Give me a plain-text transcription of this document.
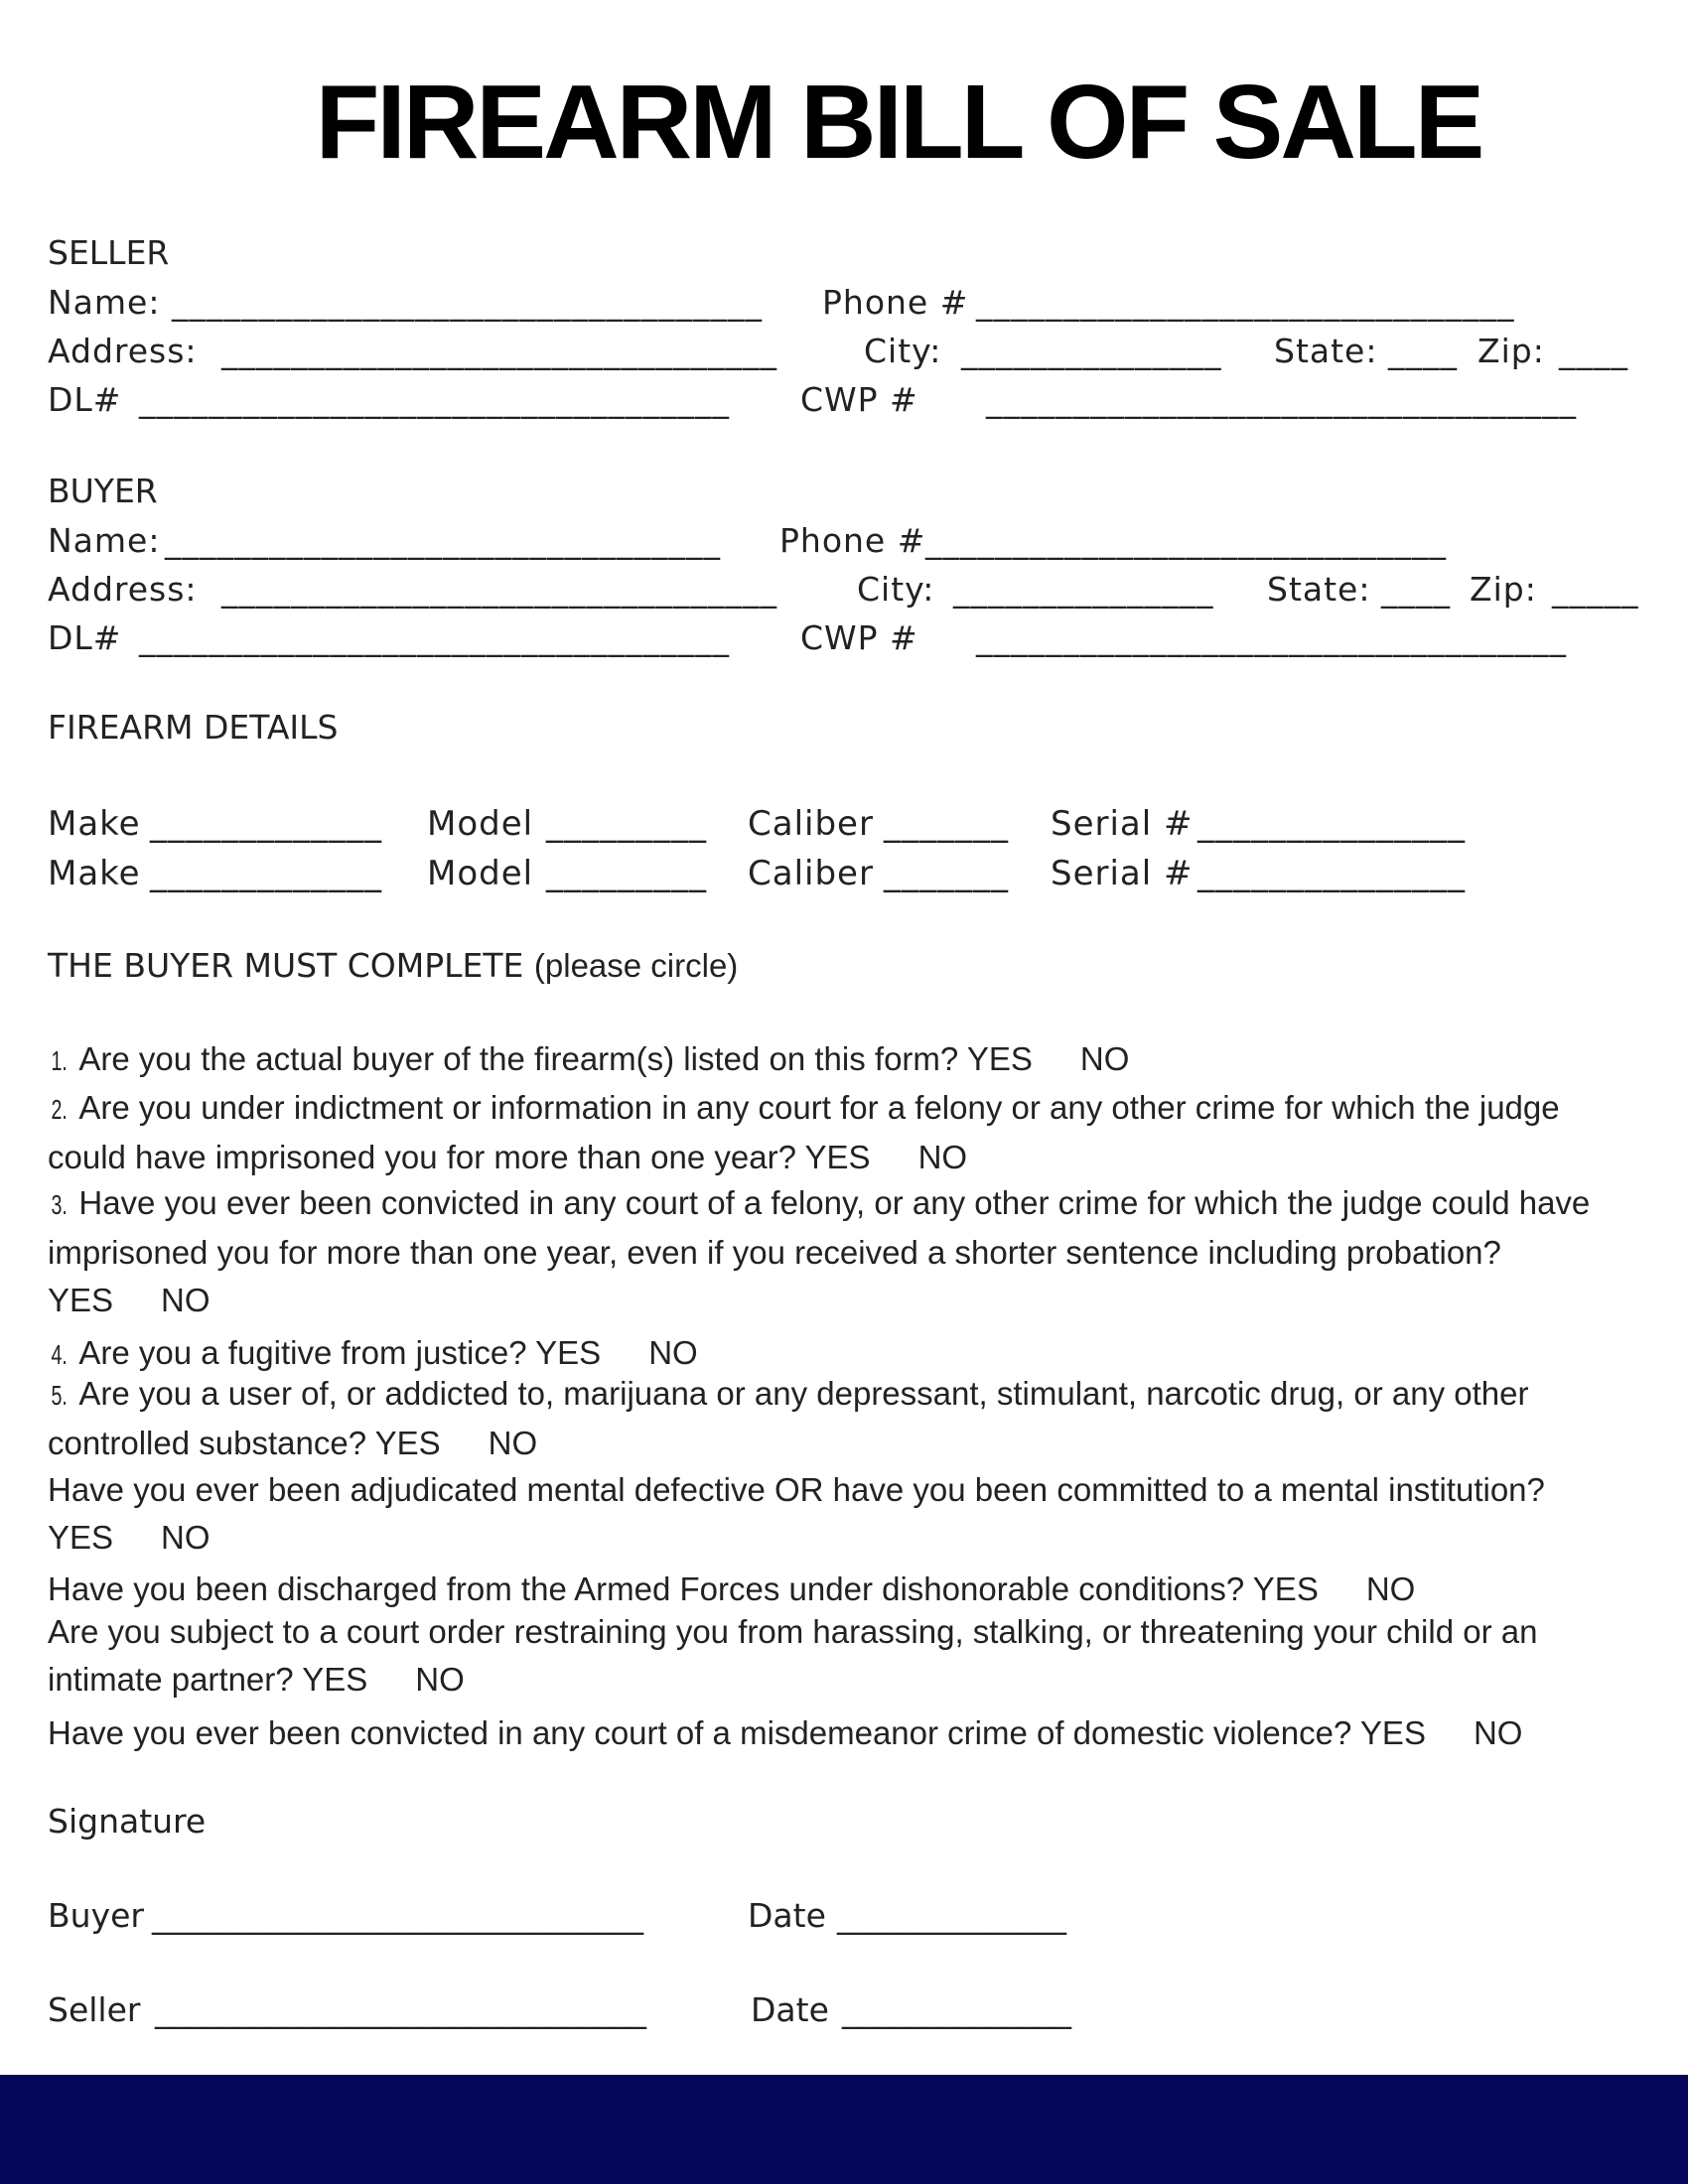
FIREARM BILL OF SALE
SELLER
Name: __________________________________ Phone # _______________________________
Address: ________________________________	City: _______________ State: ____ Zip: ____
DL# __________________________________ CWP # __________________________________
BUYER
Name: ________________________________ Phone # ______________________________
Address: ________________________________ City: _______________ State: ____ Zip: _____
DL# __________________________________ CWP # __________________________________
FIREARM DETAILS
Make _____________ Model _________ Caliber _______ Serial # _______________
Make _____________ Model _________ Caliber _______ Serial # _______________
THE BUYER MUST COMPLETE (please circle)
1. Are you the actual buyer of the firearm(s) listed on this form? YES NO
2. Are you under indictment or information in any court for a felony or any other crime for which the judge could have imprisoned you for more than one year? YES NO
3. Have you ever been convicted in any court of a felony, or any other crime for which the judge could have imprisoned you for more than one year, even if you received a shorter sentence including probation? YES NO
4. Are you a fugitive from justice? YES NO
5. Are you a user of, or addicted to, marijuana or any depressant, stimulant, narcotic drug, or any other controlled substance? YES NO
Have you ever been adjudicated mental defective OR have you been committed to a mental institution? YES NO
Have you been discharged from the Armed Forces under dishonorable conditions? YES NO
Are you subject to a court order restraining you from harassing, stalking, or threatening your child or an intimate partner? YES NO
Have you ever been convicted in any court of a misdemeanor crime of domestic violence? YES NO
Signature
Buyer ______________________________	Date ______________
Seller ______________________________	Date ______________
